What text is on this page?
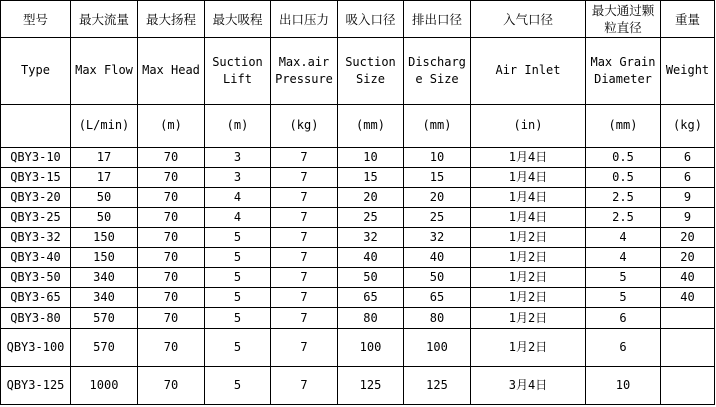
型号	最大流量	最大扬程	最大吸程	出口压力	吸入口径	排出口径	入气口径	最大通过颗粒直径	重量
Type	Max Flow	Max Head	Suction Lift	Max.air Pressure	Suction Size	Discharge Size	Air Inlet	Max Grain Diameter	Weight
	(L/min)	(m)	(m)	(kg)	(mm)	(mm)	(in)	(mm)	(kg)
QBY3-10	17	70	3	7	10	10	1月4日	0.5	6
QBY3-15	17	70	3	7	15	15	1月4日	0.5	6
QBY3-20	50	70	4	7	20	20	1月4日	2.5	9
QBY3-25	50	70	4	7	25	25	1月4日	2.5	9
QBY3-32	150	70	5	7	32	32	1月2日	4	20
QBY3-40	150	70	5	7	40	40	1月2日	4	20
QBY3-50	340	70	5	7	50	50	1月2日	5	40
QBY3-65	340	70	5	7	65	65	1月2日	5	40
QBY3-80	570	70	5	7	80	80	1月2日	6	
QBY3-100	570	70	5	7	100	100	1月2日	6	
QBY3-125	1000	70	5	7	125	125	3月4日	10	
